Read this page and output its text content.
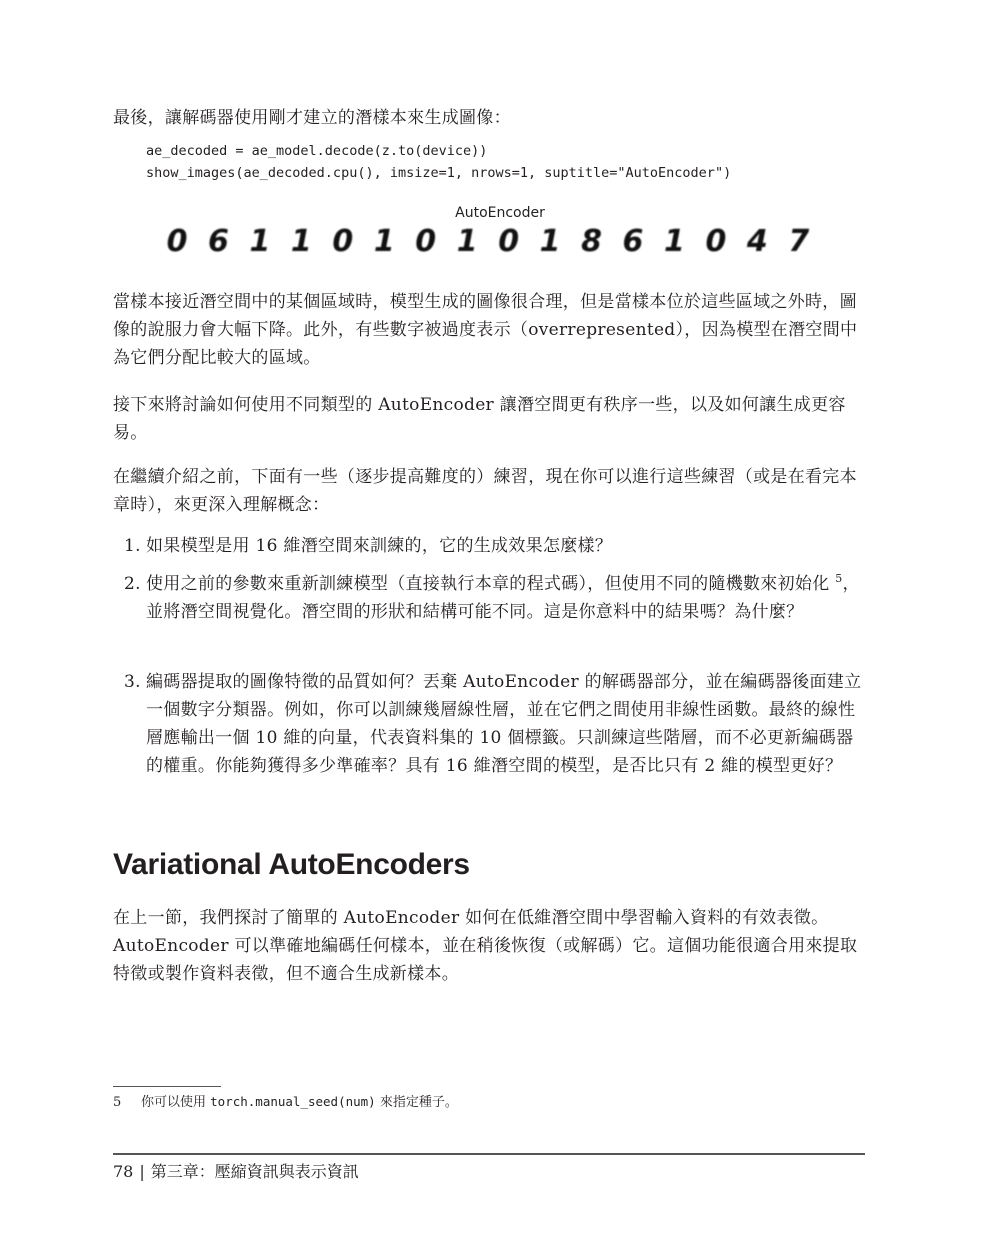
最後，讓解碼器使用剛才建立的潛樣本來生成圖像：
ae_decoded = ae_model.decode(z.to(device))
show_images(ae_decoded.cpu(), imsize=1, nrows=1, suptitle="AutoEncoder")
AutoEncoder
0 6 1 1 0 1 0 1 0 1 8 6 1 0 4 7
當樣本接近潛空間中的某個區域時，模型生成的圖像很合理，但是當樣本位於這些區域之外時，圖像的說服力會大幅下降。此外，有些數字被過度表示（overrepresented），因為模型在潛空間中為它們分配比較大的區域。
接下來將討論如何使用不同類型的 AutoEncoder 讓潛空間更有秩序一些，以及如何讓生成更容易。
在繼續介紹之前，下面有一些（逐步提高難度的）練習，現在你可以進行這些練習（或是在看完本章時），來更深入理解概念：
1. 如果模型是用 16 維潛空間來訓練的，它的生成效果怎麼樣？
2. 使用之前的參數來重新訓練模型（直接執行本章的程式碼），但使用不同的隨機數來初始化 $^5$，並將潛空間視覺化。潛空間的形狀和結構可能不同。這是你意料中的結果嗎？為什麼？
3. 編碼器提取的圖像特徵的品質如何？丟棄 AutoEncoder 的解碼器部分，並在編碼器後面建立一個數字分類器。例如，你可以訓練幾層線性層，並在它們之間使用非線性函數。最終的線性層應輸出一個 10 維的向量，代表資料集的 10 個標籤。只訓練這些階層，而不必更新編碼器的權重。你能夠獲得多少準確率？具有 16 維潛空間的模型，是否比只有 2 維的模型更好？
Variational AutoEncoders
在上一節，我們探討了簡單的 AutoEncoder 如何在低維潛空間中學習輸入資料的有效表徵。AutoEncoder 可以準確地編碼任何樣本，並在稍後恢復（或解碼）它。這個功能很適合用來提取特徵或製作資料表徵，但不適合生成新樣本。
5 你可以使用 torch.manual_seed(num) 來指定種子。
78 | 第三章：壓縮資訊與表示資訊
